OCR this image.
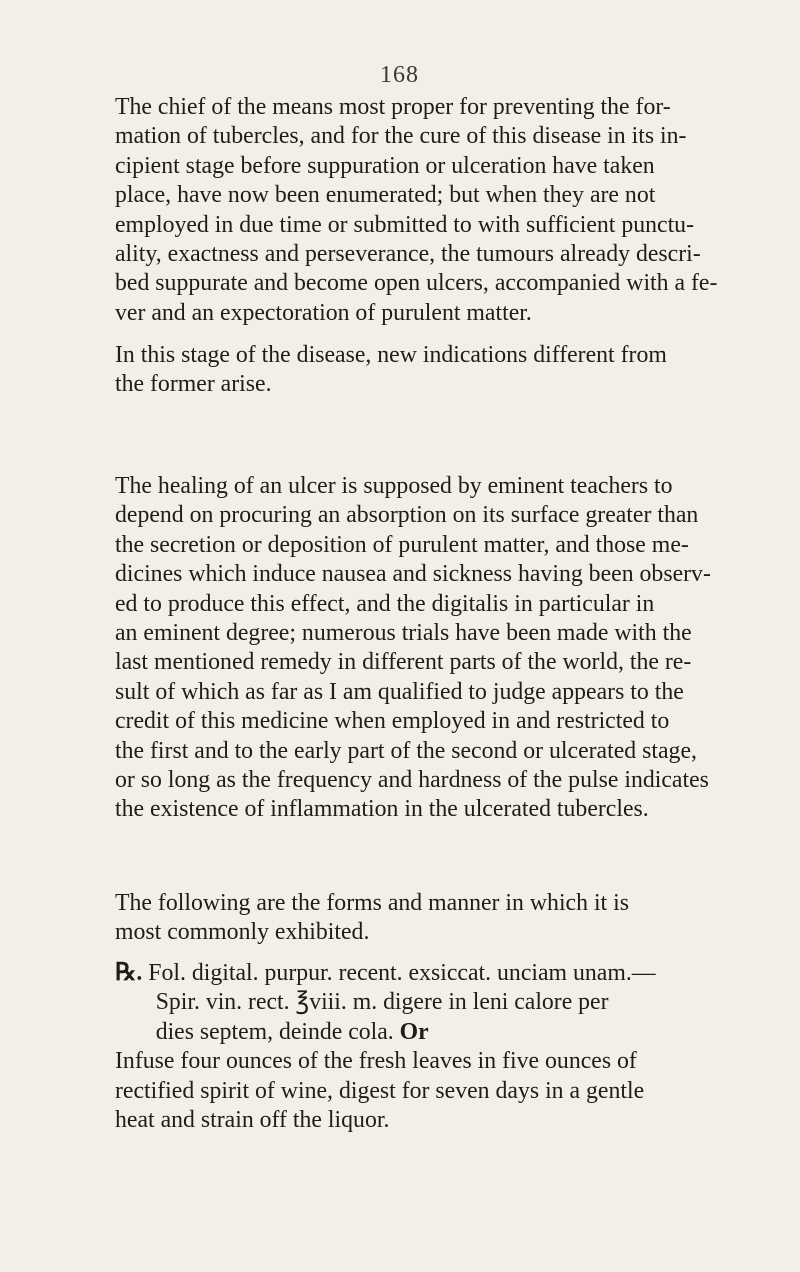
168
The chief of the means most proper for preventing the for- mation of tubercles, and for the cure of this disease in its in- cipient stage before suppuration or ulceration have taken place, have now been enumerated; but when they are not employed in due time or submitted to with sufficient punctu- ality, exactness and perseverance, the tumours already descri- bed suppurate and become open ulcers, accompanied with a fe- ver and an expectoration of purulent matter.
In this stage of the disease, new indications different from the former arise.
The healing of an ulcer is supposed by eminent teachers to depend on procuring an absorption on its surface greater than the secretion or deposition of purulent matter, and those me- dicines which induce nausea and sickness having been observ- ed to produce this effect, and the digitalis in particular in an eminent degree; numerous trials have been made with the last mentioned remedy in different parts of the world, the re- sult of which as far as I am qualified to judge appears to the credit of this medicine when employed in and restricted to the first and to the early part of the second or ulcerated stage, or so long as the frequency and hardness of the pulse indicates the existence of inflammation in the ulcerated tubercles.
The following are the forms and manner in which it is most commonly exhibited.
℞. Fol. digital. purpur. recent. exsiccat. unciam unam.— Spir. vin. rect. ℥viii. m. digere in leni calore per dies septem, deinde cola. Or Infuse four ounces of the fresh leaves in five ounces of rectified spirit of wine, digest for seven days in a gentle heat and strain off the liquor.
